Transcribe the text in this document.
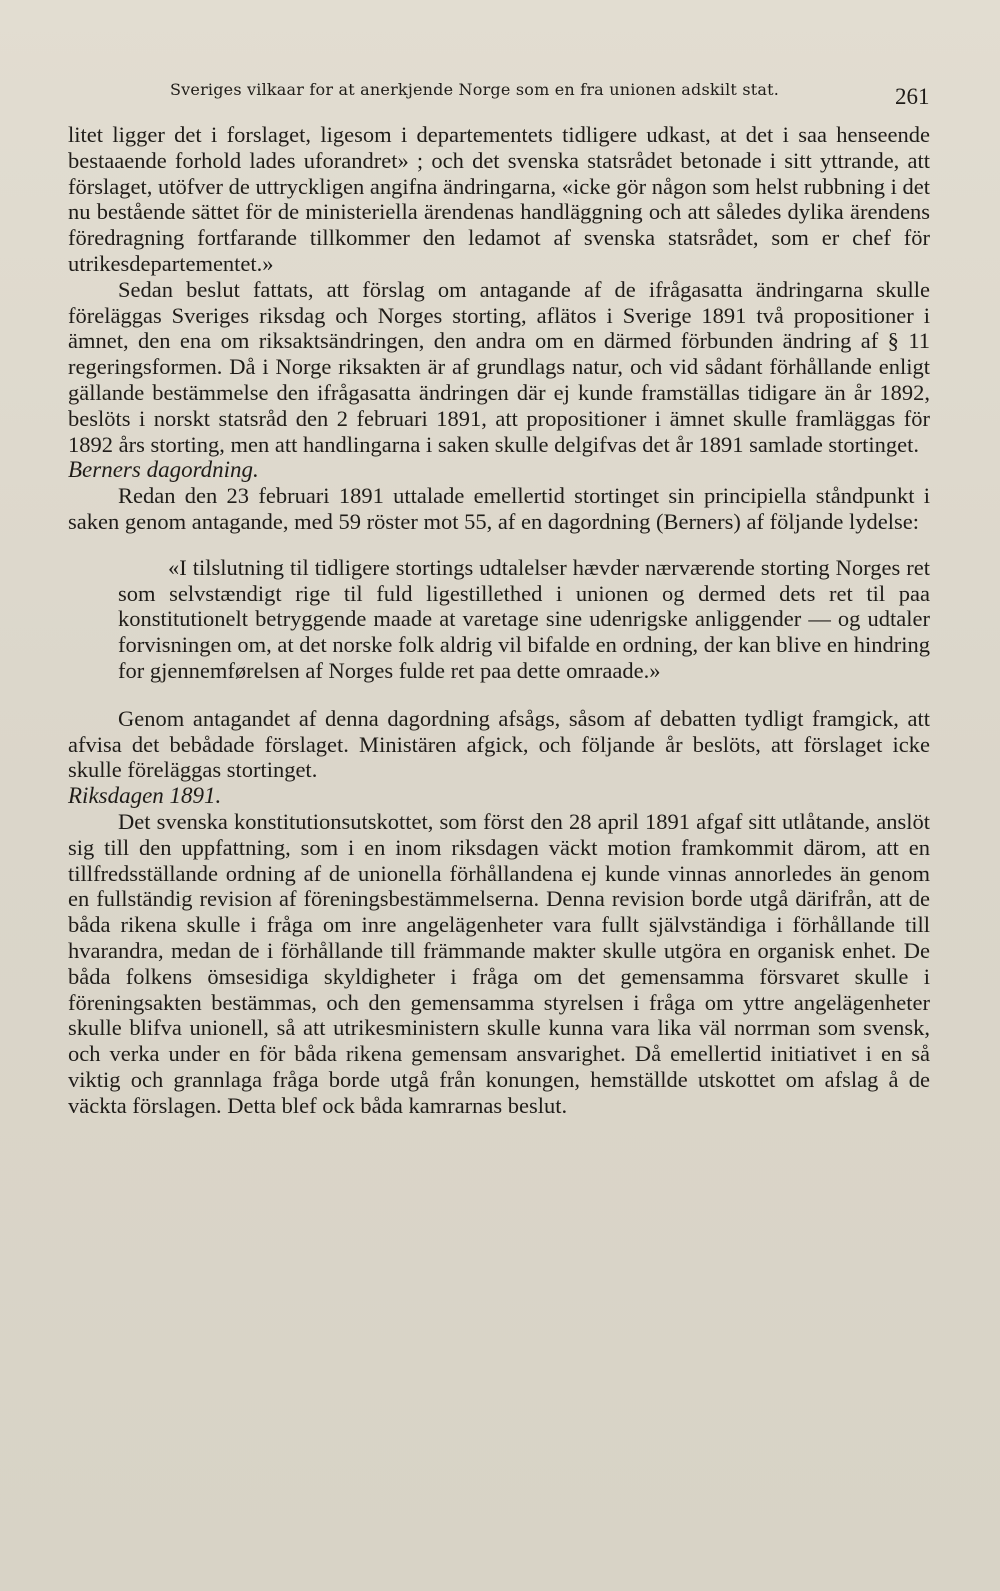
Sveriges vilkaar for at anerkjende Norge som en fra unionen adskilt stat.	261

litet ligger det i forslaget, ligesom i departementets tidligere udkast, at det i saa henseende bestaaende forhold lades uforandret» ; och det svenska statsrådet betonade i sitt yttrande, att förslaget, utöfver de uttryckligen angifna ändringarna, «icke gör någon som helst rubbning i det nu bestående sättet för de ministeriella ärendenas handläggning och att således dylika ärendens föredragning fortfarande tillkommer den ledamot af svenska statsrådet, som er chef för utrikesdepartementet.»

Sedan beslut fattats, att förslag om antagande af de ifrågasatta ändringarna skulle föreläggas Sveriges riksdag och Norges storting, aflätos i Sverige 1891 två propositioner i ämnet, den ena om riksaktsändringen, den andra om en därmed förbunden ändring af § 11 regeringsformen. Då i Norge riksakten är af grundlags natur, och vid sådant förhållande enligt gällande bestämmelse den ifrågasatta ändringen där ej kunde framställas tidigare än år 1892, beslöts i norskt statsråd den 2 februari 1891, att propositioner i ämnet skulle framläggas för 1892 års storting, men att handlingarna i saken skulle delgifvas det år 1891 samlade stortinget.

Berners dagordning.

Redan den 23 februari 1891 uttalade emellertid stortinget sin principiella ståndpunkt i saken genom antagande, med 59 röster mot 55, af en dagordning (Berners) af följande lydelse:

«I tilslutning til tidligere stortings udtalelser hævder nærværende storting Norges ret som selvstændigt rige til fuld ligestillethed i unionen og dermed dets ret til paa konstitutionelt betryggende maade at varetage sine udenrigske anliggender — og udtaler forvisningen om, at det norske folk aldrig vil bifalde en ordning, der kan blive en hindring for gjennemførelsen af Norges fulde ret paa dette omraade.»

Genom antagandet af denna dagordning afsågs, såsom af debatten tydligt framgick, att afvisa det bebådade förslaget. Ministären afgick, och följande år beslöts, att förslaget icke skulle föreläggas stortinget.

Riksdagen 1891.

Det svenska konstitutionsutskottet, som först den 28 april 1891 afgaf sitt utlåtande, anslöt sig till den uppfattning, som i en inom riksdagen väckt motion framkommit därom, att en tillfredsställande ordning af de unionella förhållandena ej kunde vinnas annorledes än genom en fullständig revision af föreningsbestämmelserna. Denna revision borde utgå därifrån, att de båda rikena skulle i fråga om inre angelägenheter vara fullt självständiga i förhållande till hvarandra, medan de i förhållande till främmande makter skulle utgöra en organisk enhet. De båda folkens ömsesidiga skyldigheter i fråga om det gemensamma försvaret skulle i föreningsakten bestämmas, och den gemensamma styrelsen i fråga om yttre angelägenheter skulle blifva unionell, så att utrikesministern skulle kunna vara lika väl norrman som svensk, och verka under en för båda rikena gemensam ansvarighet. Då emellertid initiativet i en så viktig och grannlaga fråga borde utgå från konungen, hemställde utskottet om afslag å de väckta förslagen. Detta blef ock båda kamrarnas beslut.
